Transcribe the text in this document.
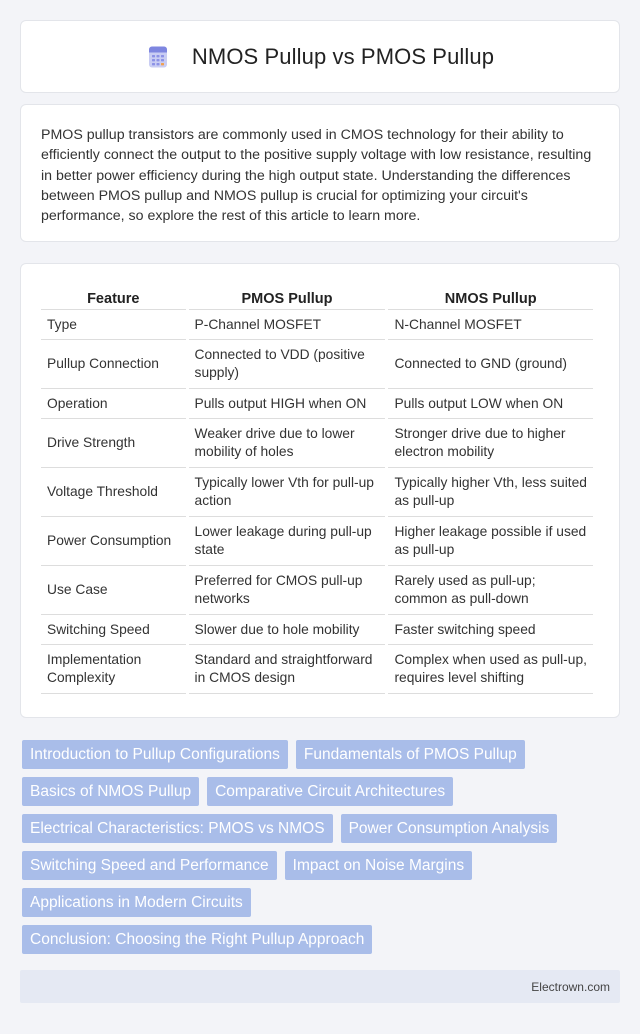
NMOS Pullup vs PMOS Pullup

PMOS pullup transistors are commonly used in CMOS technology for their ability to efficiently connect the output to the positive supply voltage with low resistance, resulting in better power efficiency during the high output state. Understanding the differences between PMOS pullup and NMOS pullup is crucial for optimizing your circuit's performance, so explore the rest of this article to learn more.

Feature	PMOS Pullup	NMOS Pullup
Type	P-Channel MOSFET	N-Channel MOSFET
Pullup Connection	Connected to VDD (positive supply)	Connected to GND (ground)
Operation	Pulls output HIGH when ON	Pulls output LOW when ON
Drive Strength	Weaker drive due to lower mobility of holes	Stronger drive due to higher electron mobility
Voltage Threshold	Typically lower Vth for pull-up action	Typically higher Vth, less suited as pull-up
Power Consumption	Lower leakage during pull-up state	Higher leakage possible if used as pull-up
Use Case	Preferred for CMOS pull-up networks	Rarely used as pull-up; common as pull-down
Switching Speed	Slower due to hole mobility	Faster switching speed
Implementation Complexity	Standard and straightforward in CMOS design	Complex when used as pull-up, requires level shifting
Introduction to Pullup Configurations	Fundamentals of PMOS Pullup
Basics of NMOS Pullup	Comparative Circuit Architectures
Electrical Characteristics: PMOS vs NMOS	Power Consumption Analysis
Switching Speed and Performance	Impact on Noise Margins
Applications in Modern Circuits
Conclusion: Choosing the Right Pullup Approach
Electrown.com
